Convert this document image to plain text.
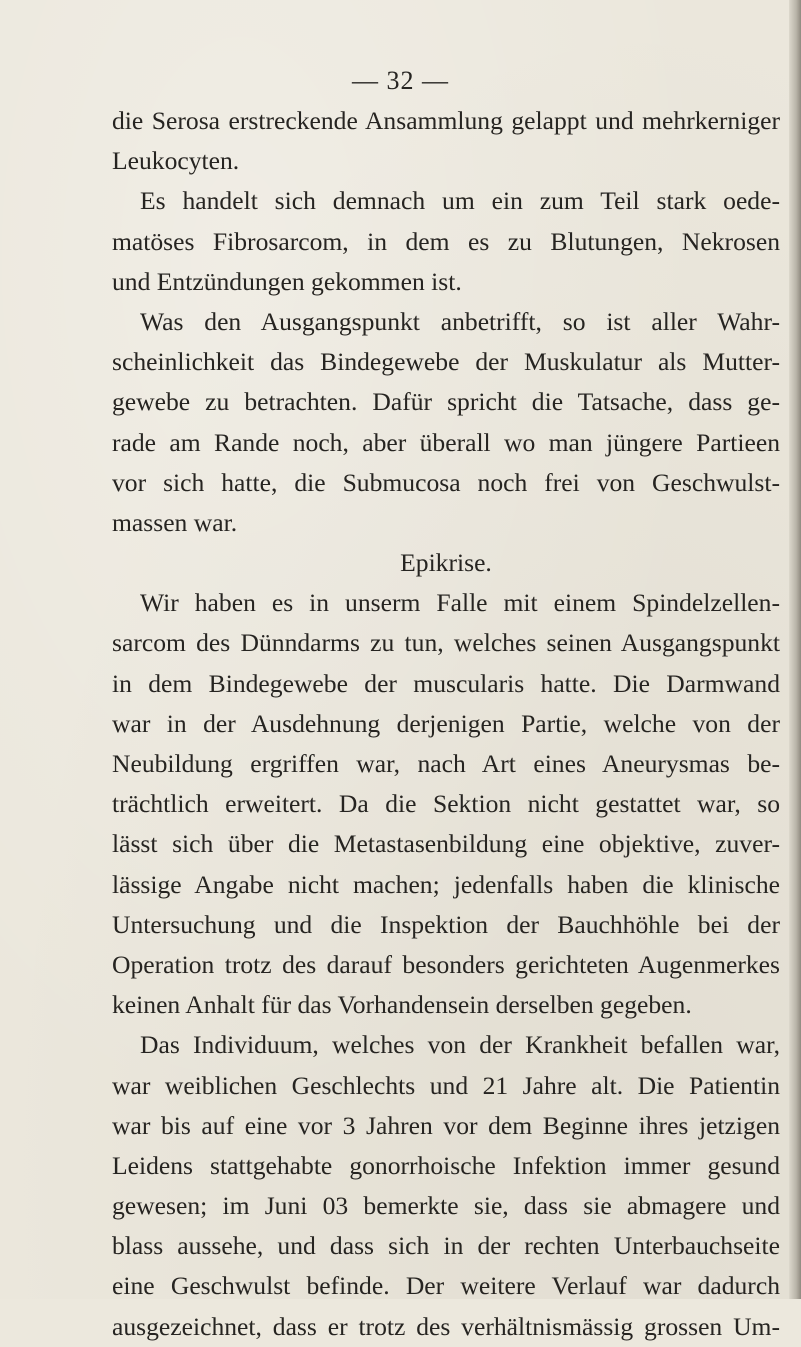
— 32 —
die Serosa erstreckende Ansammlung gelappt und mehrkerniger
Leukocyten.
Es handelt sich demnach um ein zum Teil stark oede-
matöses Fibrosarcom, in dem es zu Blutungen, Nekrosen
und Entzündungen gekommen ist.
Was den Ausgangspunkt anbetrifft, so ist aller Wahr-
scheinlichkeit das Bindegewebe der Muskulatur als Mutter-
gewebe zu betrachten. Dafür spricht die Tatsache, dass ge-
rade am Rande noch, aber überall wo man jüngere Partieen
vor sich hatte, die Submucosa noch frei von Geschwulst-
massen war.
Epikrise.
Wir haben es in unserm Falle mit einem Spindelzellen-
sarcom des Dünndarms zu tun, welches seinen Ausgangspunkt
in dem Bindegewebe der muscularis hatte. Die Darmwand
war in der Ausdehnung derjenigen Partie, welche von der
Neubildung ergriffen war, nach Art eines Aneurysmas be-
trächtlich erweitert. Da die Sektion nicht gestattet war, so
lässt sich über die Metastasenbildung eine objektive, zuver-
lässige Angabe nicht machen; jedenfalls haben die klinische
Untersuchung und die Inspektion der Bauchhöhle bei der
Operation trotz des darauf besonders gerichteten Augenmerkes
keinen Anhalt für das Vorhandensein derselben gegeben.
Das Individuum, welches von der Krankheit befallen war,
war weiblichen Geschlechts und 21 Jahre alt. Die Patientin
war bis auf eine vor 3 Jahren vor dem Beginne ihres jetzigen
Leidens stattgehabte gonorrhoische Infektion immer gesund
gewesen; im Juni 03 bemerkte sie, dass sie abmagere und
blass aussehe, und dass sich in der rechten Unterbauchseite
eine Geschwulst befinde. Der weitere Verlauf war dadurch
ausgezeichnet, dass er trotz des verhältnismässig grossen Um-
